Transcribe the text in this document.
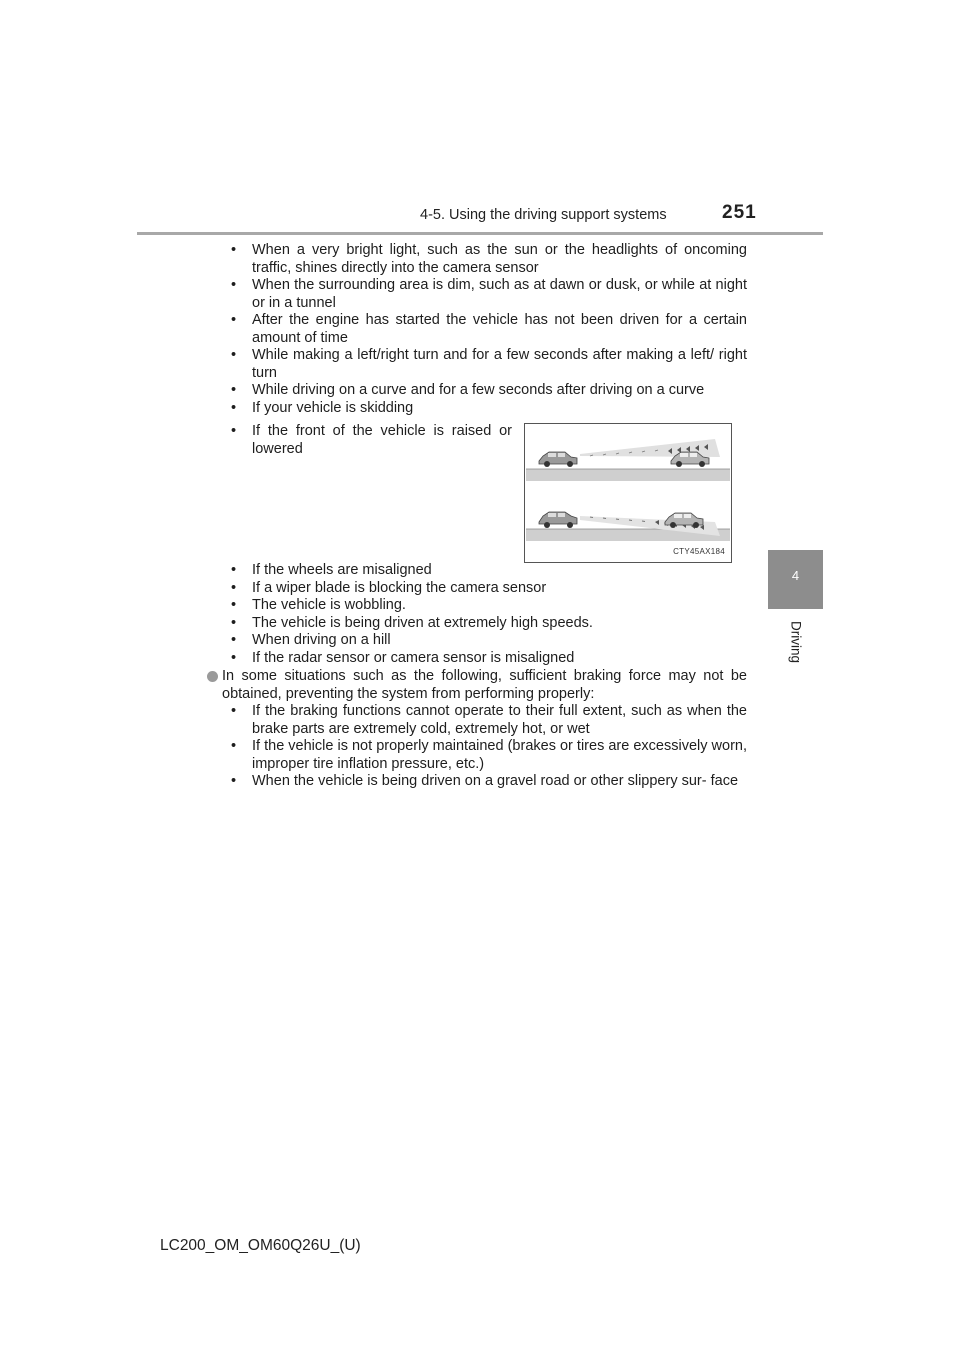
4-5. Using the driving support systems	251
4
Driving
• When a very bright light, such as the sun or the headlights of oncoming traffic, shines directly into the camera sensor
• When the surrounding area is dim, such as at dawn or dusk, or while at night or in a tunnel
• After the engine has started the vehicle has not been driven for a certain amount of time
• While making a left/right turn and for a few seconds after making a left/ right turn
• While driving on a curve and for a few seconds after driving on a curve
• If your vehicle is skidding
• If the front of the vehicle is raised or lowered
CTY45AX184
• If the wheels are misaligned
• If a wiper blade is blocking the camera sensor
• The vehicle is wobbling.
• The vehicle is being driven at extremely high speeds.
• When driving on a hill
• If the radar sensor or camera sensor is misaligned
In some situations such as the following, sufficient braking force may not be obtained, preventing the system from performing properly:
• If the braking functions cannot operate to their full extent, such as when the brake parts are extremely cold, extremely hot, or wet
• If the vehicle is not properly maintained (brakes or tires are excessively worn, improper tire inflation pressure, etc.)
• When the vehicle is being driven on a gravel road or other slippery sur- face
LC200_OM_OM60Q26U_(U)
